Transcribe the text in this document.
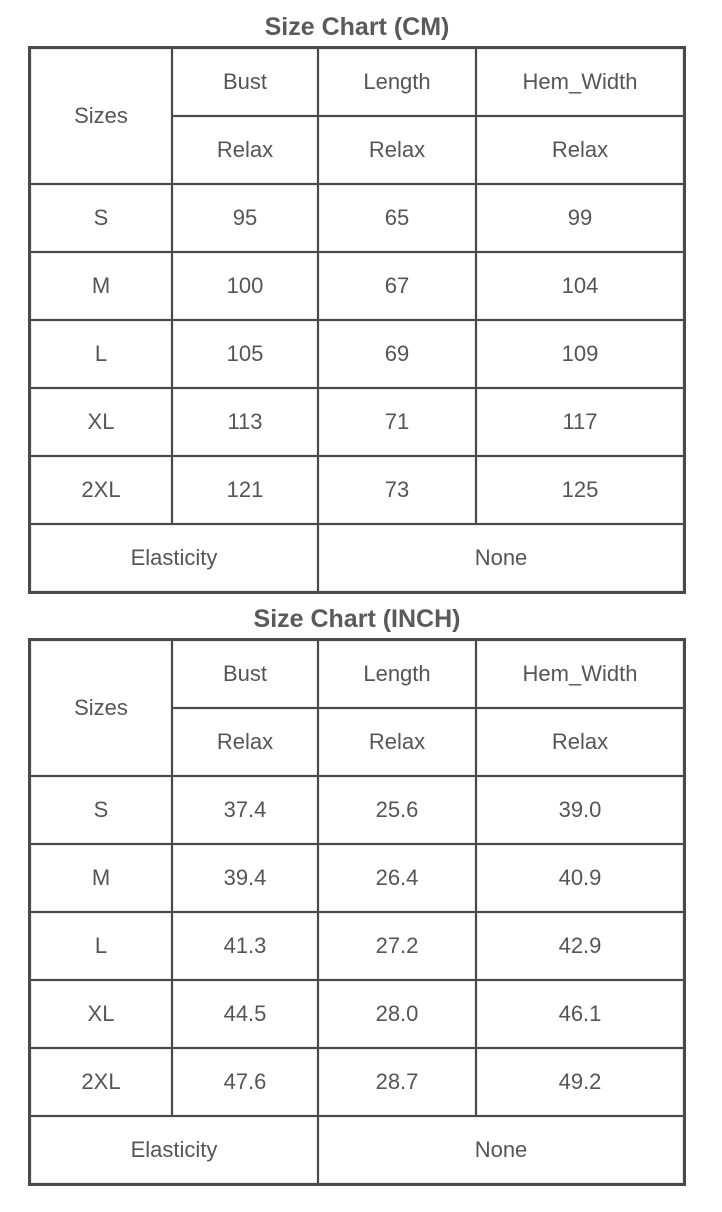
Size Chart (CM)
Sizes	Bust	Length	Hem_Width
	Relax	Relax	Relax
S	95	65	99
M	100	67	104
L	105	69	109
XL	113	71	117
2XL	121	73	125
Elasticity		None	
Size Chart (INCH)
Sizes	Bust	Length	Hem_Width
	Relax	Relax	Relax
S	37.4	25.6	39.0
M	39.4	26.4	40.9
L	41.3	27.2	42.9
XL	44.5	28.0	46.1
2XL	47.6	28.7	49.2
Elasticity		None	
